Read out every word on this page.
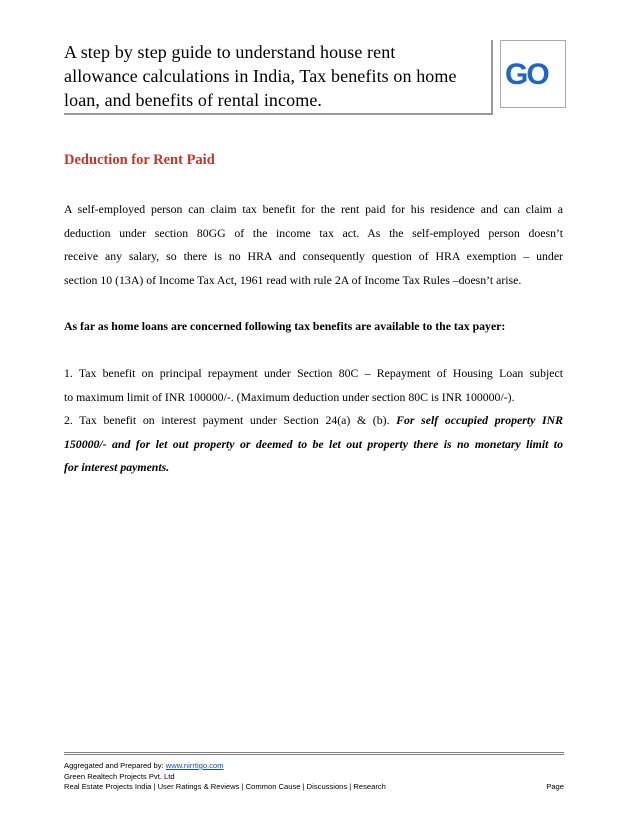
A step by step guide to understand house rent
allowance calculations in India, Tax benefits on home
loan, and benefits of rental income.
GO
Deduction for Rent Paid
A self-employed person can claim tax benefit for the rent paid for his residence and can claim a
deduction under section 80GG of the income tax act. As the self-employed person doesn’t
receive any salary, so there is no HRA and consequently question of HRA exemption – under
section 10 (13A) of Income Tax Act, 1961 read with rule 2A of Income Tax Rules –doesn’t arise.
As far as home loans are concerned following tax benefits are available to the tax payer:
1. Tax benefit on principal repayment under Section 80C – Repayment of Housing Loan subject
to maximum limit of INR 100000/-. (Maximum deduction under section 80C is INR 100000/-).
2. Tax benefit on interest payment under Section 24(a) & (b). For self occupied property INR
150000/- and for let out property or deemed to be let out property there is no monetary limit to
for interest payments.
Aggregated and Prepared by: www.nirrtigo.com
Green Realtech Projects Pvt. Ltd
Real Estate Projects India | User Ratings & Reviews | Common Cause | Discussions | Research	Page
